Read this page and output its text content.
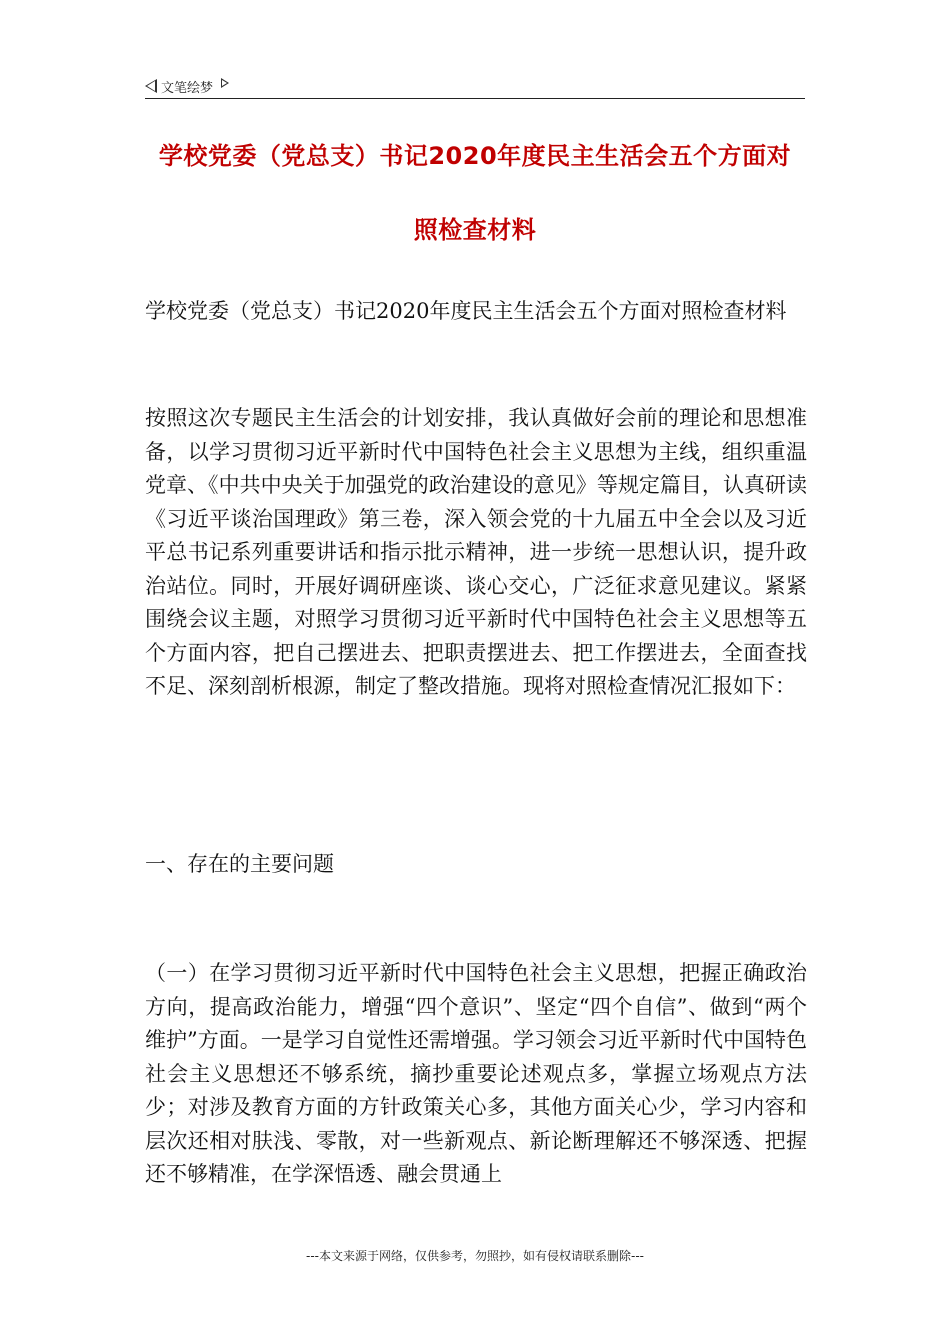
文笔绘梦
学校党委（党总支）书记2020年度民主生活会五个方面对
照检查材料

学校党委（党总支）书记2020年度民主生活会五个方面对照检查材料

按照这次专题民主生活会的计划安排，我认真做好会前的理论和思想准备，以学习贯彻习近平新时代中国特色社会主义思想为主线，组织重温党章、《中共中央关于加强党的政治建设的意见》等规定篇目，认真研读《习近平谈治国理政》第三卷，深入领会党的十九届五中全会以及习近平总书记系列重要讲话和指示批示精神，进一步统一思想认识，提升政治站位。同时，开展好调研座谈、谈心交心，广泛征求意见建议。紧紧围绕会议主题，对照学习贯彻习近平新时代中国特色社会主义思想等五个方面内容，把自己摆进去、把职责摆进去、把工作摆进去，全面查找不足、深刻剖析根源，制定了整改措施。现将对照检查情况汇报如下：

一、存在的主要问题

（一）在学习贯彻习近平新时代中国特色社会主义思想，把握正确政治方向，提高政治能力，增强“四个意识”、坚定“四个自信”、做到“两个维护”方面。一是学习自觉性还需增强。学习领会习近平新时代中国特色社会主义思想还不够系统，摘抄重要论述观点多，掌握立场观点方法少；对涉及教育方面的方针政策关心多，其他方面关心少，学习内容和层次还相对肤浅、零散，对一些新观点、新论断理解还不够深透、把握还不够精准，在学深悟透、融会贯通上

---本文来源于网络，仅供参考，勿照抄，如有侵权请联系删除---
